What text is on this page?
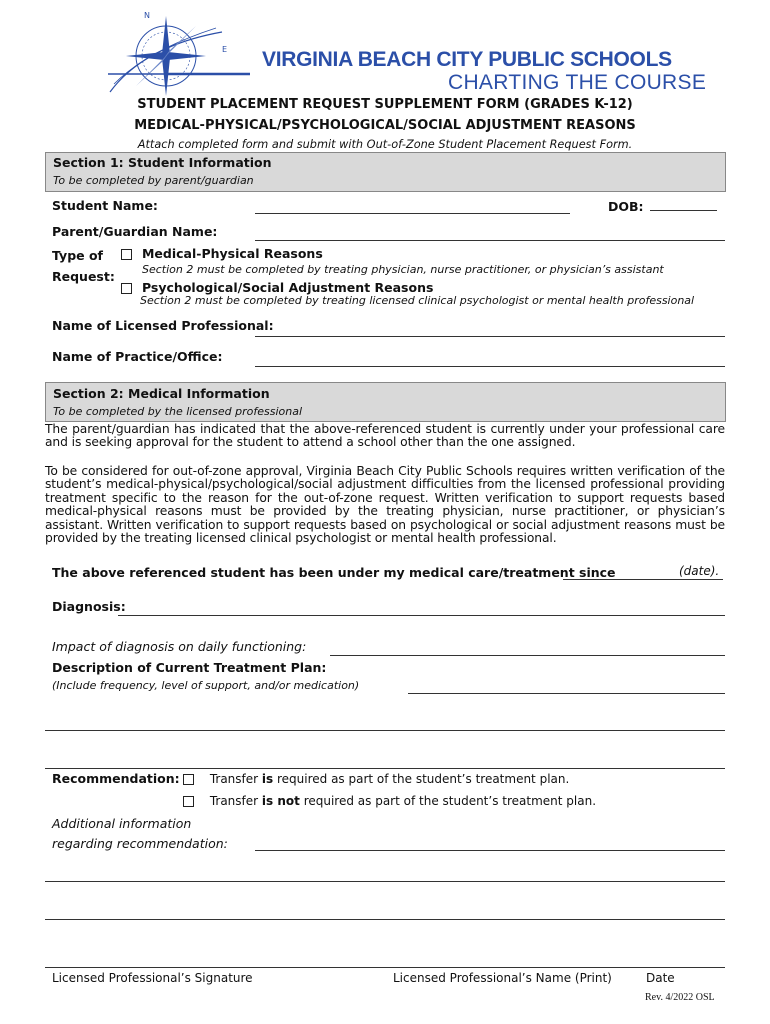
N
E VIRGINIA BEACH CITY PUBLIC SCHOOLS
CHARTING THE COURSE
STUDENT PLACEMENT REQUEST SUPPLEMENT FORM (GRADES K-12)
MEDICAL-PHYSICAL/PSYCHOLOGICAL/SOCIAL ADJUSTMENT REASONS
Attach completed form and submit with Out-of-Zone Student Placement Request Form.
Section 1: Student Information
To be completed by parent/guardian
Student Name:	DOB:
Parent/Guardian Name:
Type of
Request:
Medical-Physical Reasons
Section 2 must be completed by treating physician, nurse practitioner, or physician’s assistant
Psychological/Social Adjustment Reasons
Section 2 must be completed by treating licensed clinical psychologist or mental health professional
Name of Licensed Professional:
Name of Practice/Office:
Section 2: Medical Information
To be completed by the licensed professional
The parent/guardian has indicated that the above-referenced student is currently under your professional care and is seeking approval for the student to attend a school other than the one assigned.
To be considered for out-of-zone approval, Virginia Beach City Public Schools requires written verification of the student’s medical-physical/psychological/social adjustment difficulties from the licensed professional providing treatment specific to the reason for the out-of-zone request. Written verification to support requests based medical-physical reasons must be provided by the treating physician, nurse practitioner, or physician’s assistant. Written verification to support requests based on psychological or social adjustment reasons must be provided by the treating licensed clinical psychologist or mental health professional.
The above referenced student has been under my medical care/treatment since	(date).
Diagnosis:
Impact of diagnosis on daily functioning:
Description of Current Treatment Plan:
(Include frequency, level of support, and/or medication)
Recommendation:	Transfer is required as part of the student’s treatment plan.
Transfer is not required as part of the student’s treatment plan.
Additional information
regarding recommendation:
Licensed Professional’s Signature	Licensed Professional’s Name (Print)	Date
Rev. 4/2022 OSL
